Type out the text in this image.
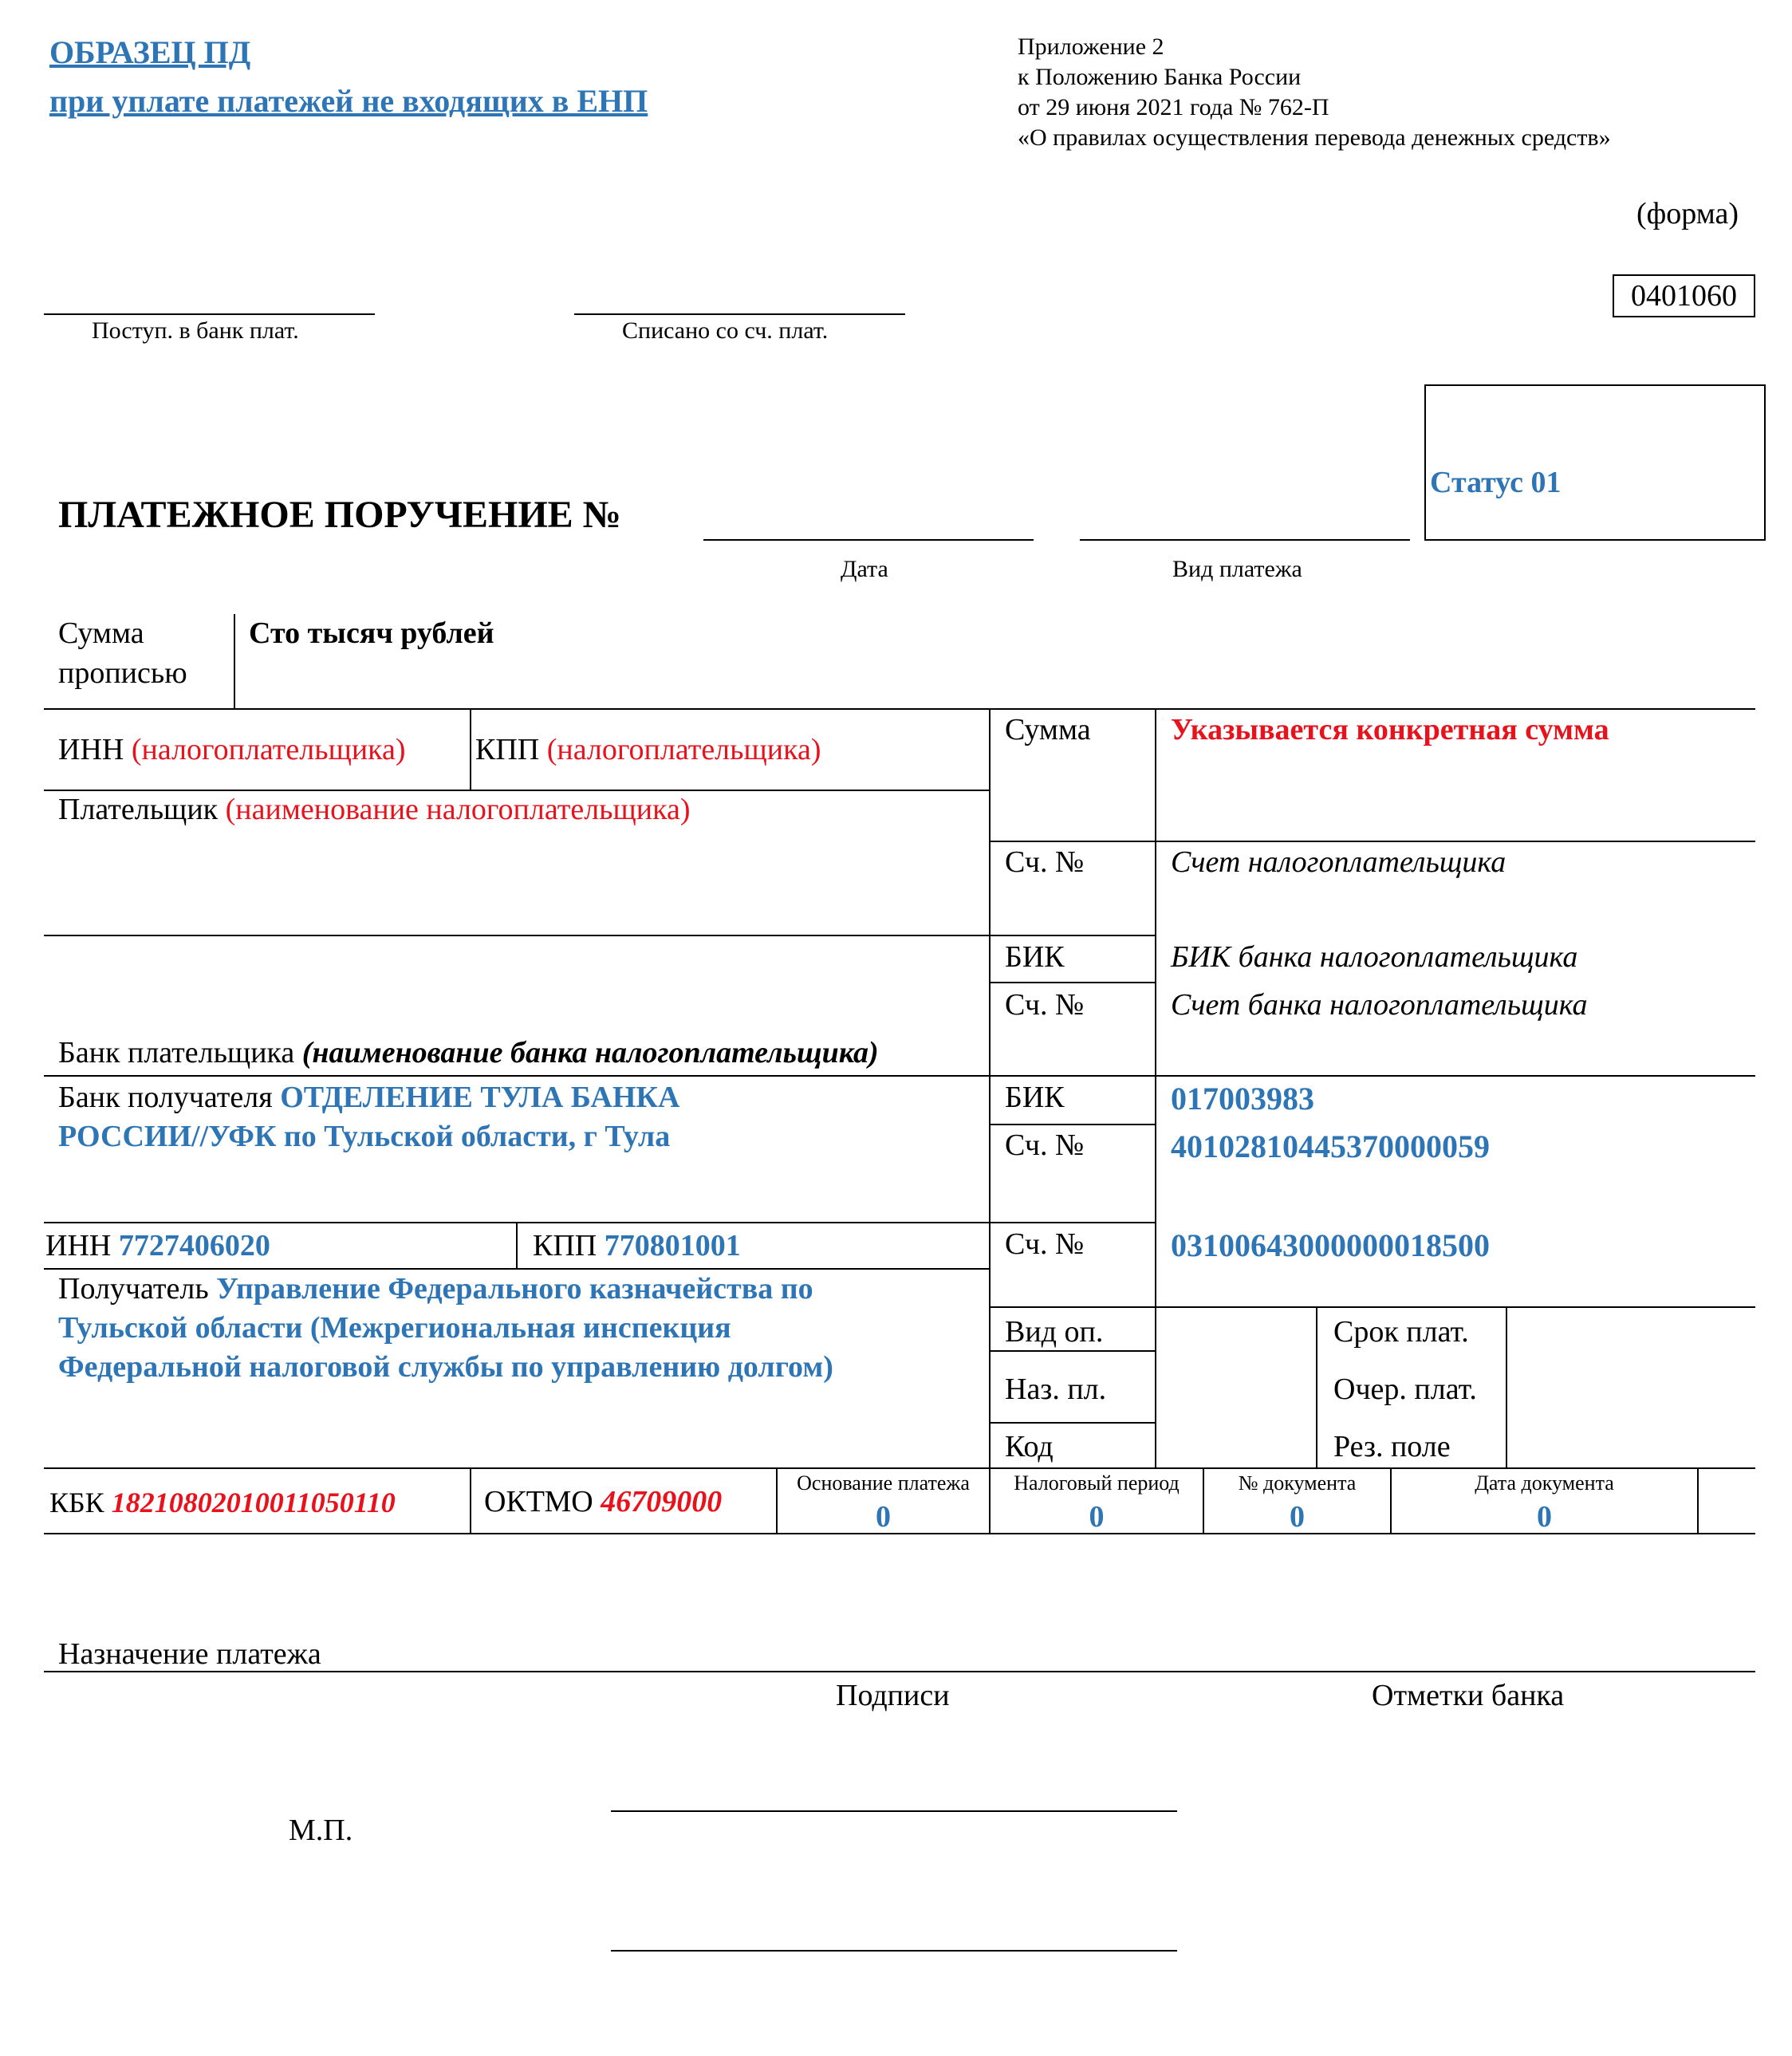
ОБРАЗЕЦ ПД
при уплате платежей не входящих в ЕНП
Приложение 2
к Положению Банка России
от 29 июня 2021 года № 762-П
«О правилах осуществления перевода денежных средств»
(форма)
0401060
Поступ. в банк плат.	Списано со сч. плат.
Статус 01
ПЛАТЕЖНОЕ ПОРУЧЕНИЕ №
Дата	Вид платежа
Сумма
прописью
Сто тысяч рублей
ИНН (налогоплательщика) КПП (налогоплательщика)
Плательщик (наименование налогоплательщика)
Банк плательщика (наименование банка налогоплательщика)
Сумма	Указывается конкретная сумма
Сч. №	Счет налогоплательщика
БИК	БИК банка налогоплательщика
Сч. №	Счет банка налогоплательщика
БИК	017003983
Сч. №	40102810445370000059
Сч. №	03100643000000018500
Банк получателя ОТДЕЛЕНИЕ ТУЛА БАНКА
РОССИИ//УФК по Тульской области, г Тула
ИНН 7727406020	КПП 770801001
Получатель Управление Федерального казначейства по
Тульской области (Межрегиональная инспекция
Федеральной налоговой службы по управлению долгом)
Вид оп.
Наз. пл.
Код
Срок плат.
Очер. плат.
Рез. поле
КБК 18210802010011050110	ОКТМО 46709000
Основание платежа
0
Налоговый период
0
№ документа
0
Дата документа
0
Назначение платежа
Подписи	Отметки банка
М.П.
